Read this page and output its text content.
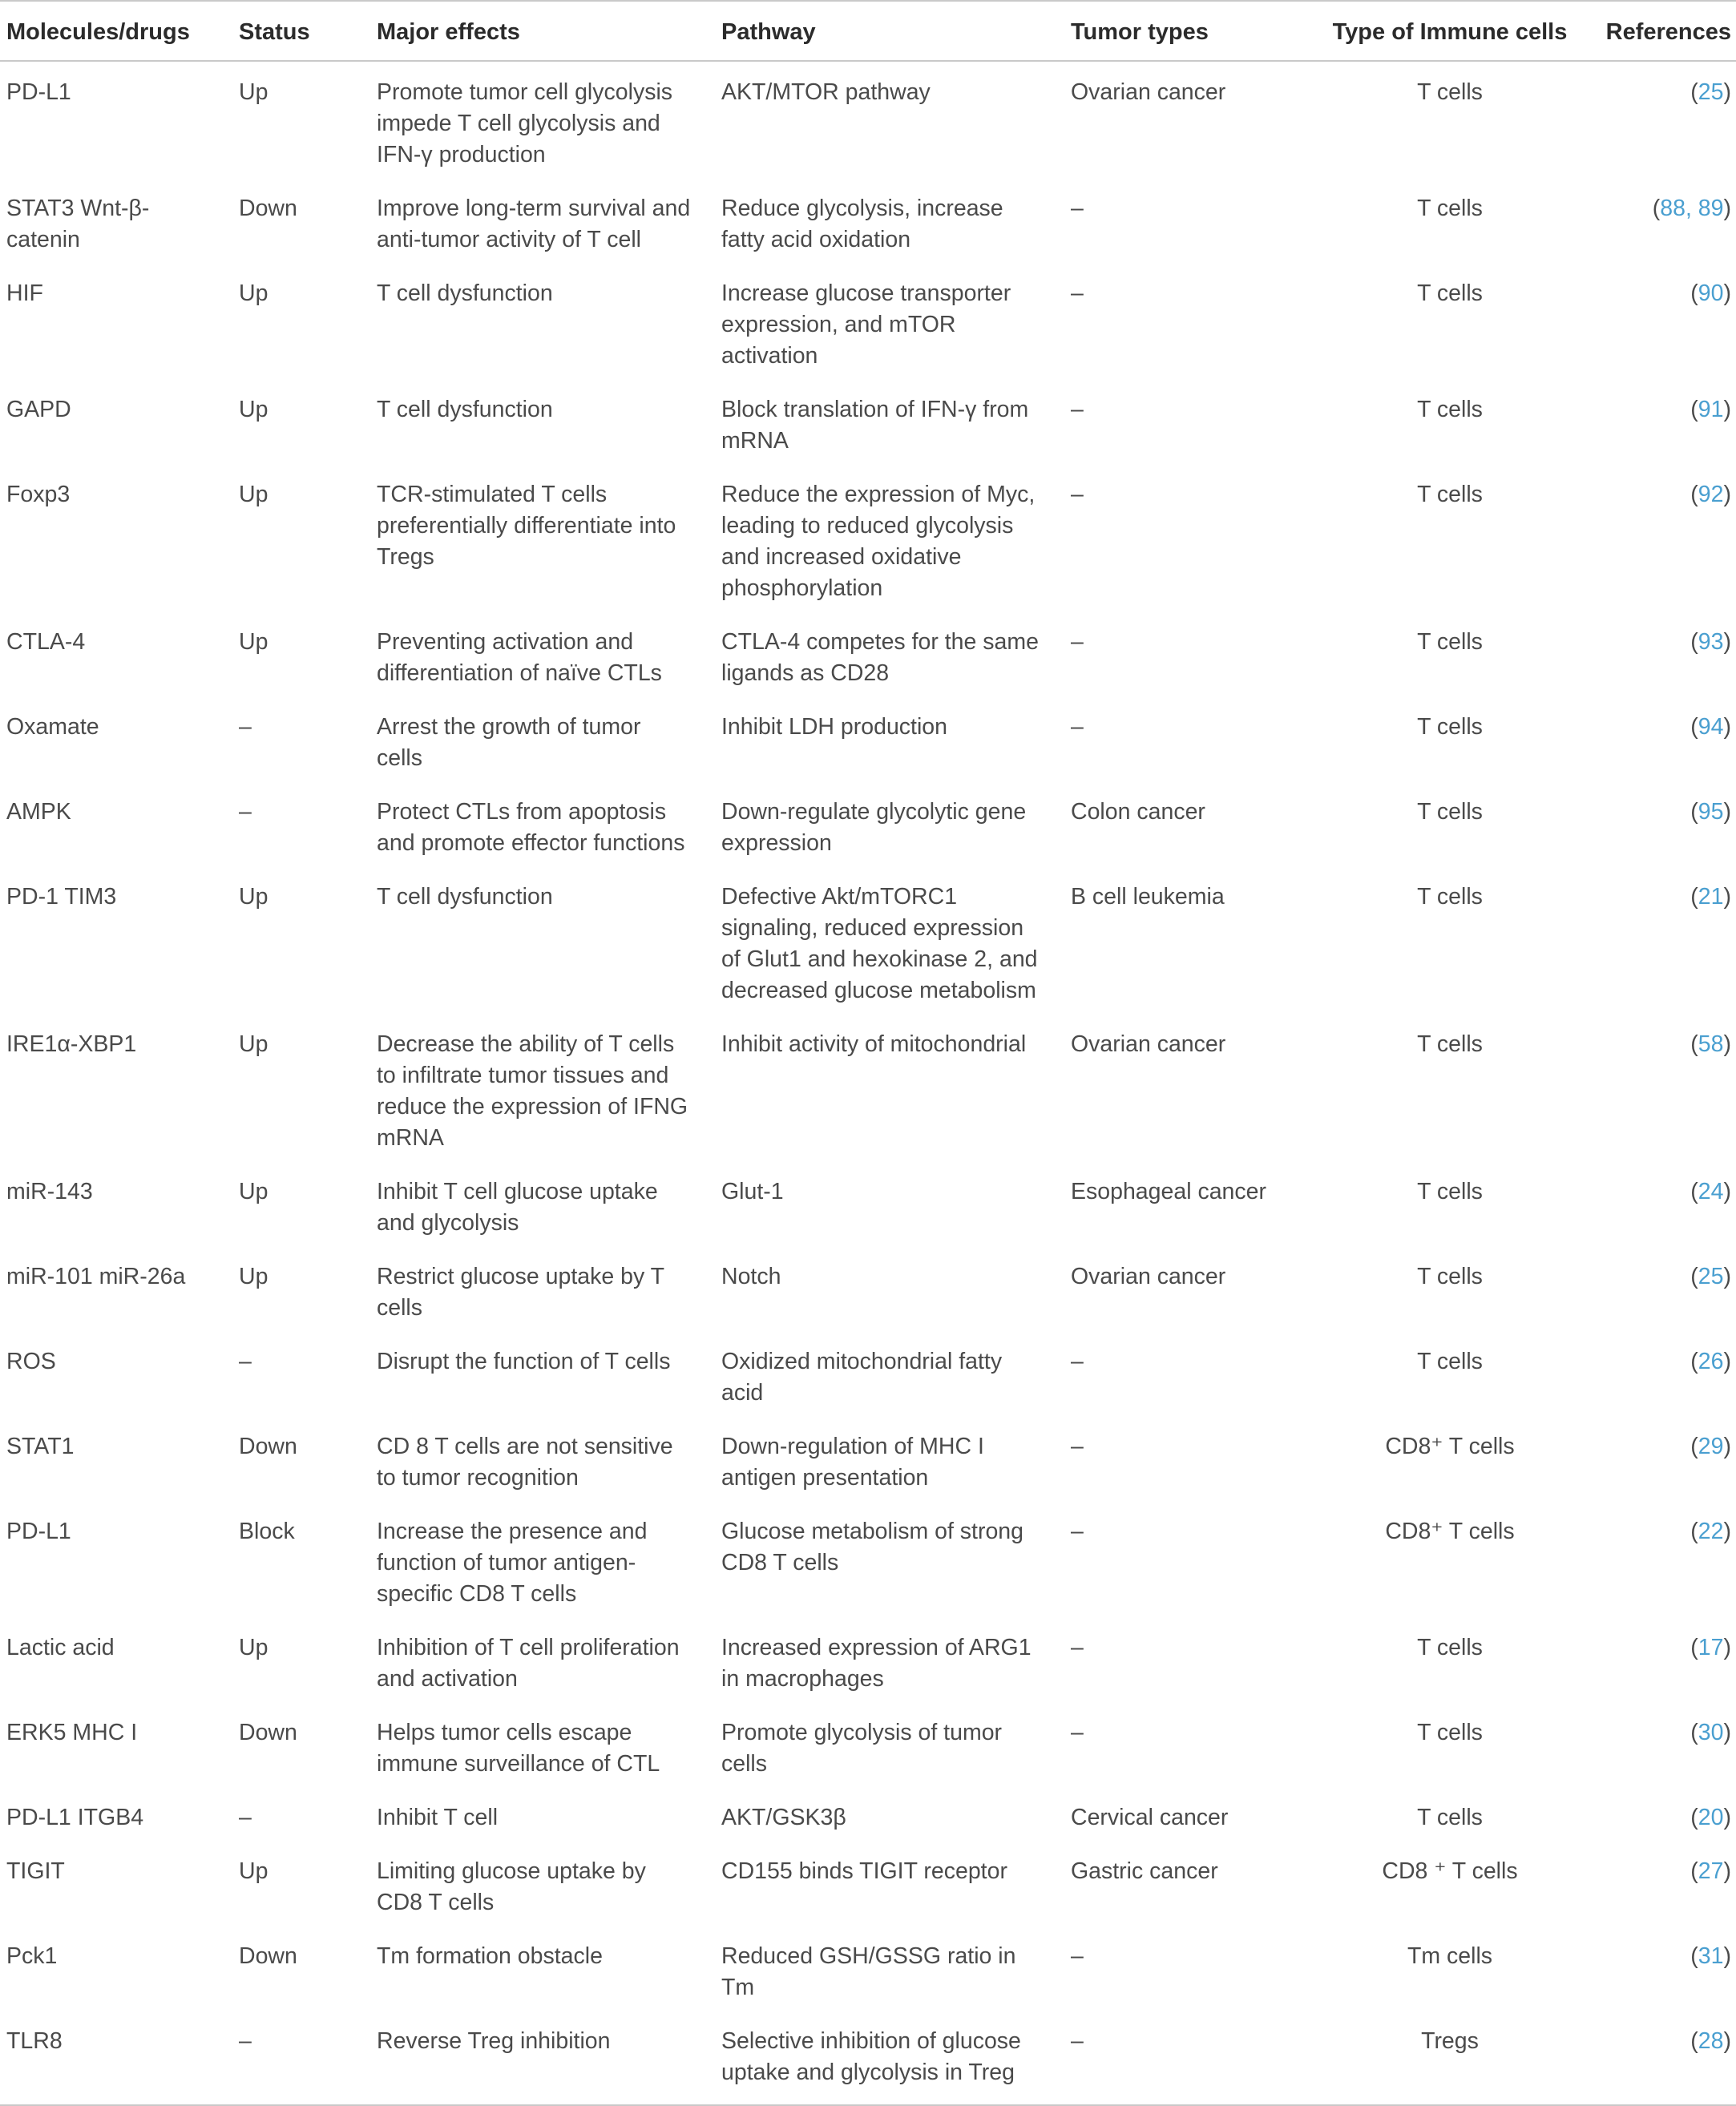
Molecules/drugs	Status	Major effects	Pathway	Tumor types	Type of Immune cells	References
PD-L1	Up	Promote tumor cell glycolysis impede T cell glycolysis and IFN-γ production	AKT/MTOR pathway	Ovarian cancer	T cells	(25)
STAT3 Wnt-β-catenin	Down	Improve long-term survival and anti-tumor activity of T cell	Reduce glycolysis, increase fatty acid oxidation	–	T cells	(88, 89)
HIF	Up	T cell dysfunction	Increase glucose transporter expression, and mTOR activation	–	T cells	(90)
GAPD	Up	T cell dysfunction	Block translation of IFN-γ from mRNA	–	T cells	(91)
Foxp3	Up	TCR-stimulated T cells preferentially differentiate into Tregs	Reduce the expression of Myc, leading to reduced glycolysis and increased oxidative phosphorylation	–	T cells	(92)
CTLA-4	Up	Preventing activation and differentiation of naïve CTLs	CTLA-4 competes for the same ligands as CD28	–	T cells	(93)
Oxamate	–	Arrest the growth of tumor cells	Inhibit LDH production	–	T cells	(94)
AMPK	–	Protect CTLs from apoptosis and promote effector functions	Down-regulate glycolytic gene expression	Colon cancer	T cells	(95)
PD-1 TIM3	Up	T cell dysfunction	Defective Akt/mTORC1 signaling, reduced expression of Glut1 and hexokinase 2, and decreased glucose metabolism	B cell leukemia	T cells	(21)
IRE1α-XBP1	Up	Decrease the ability of T cells to infiltrate tumor tissues and reduce the expression of IFNG mRNA	Inhibit activity of mitochondrial	Ovarian cancer	T cells	(58)
miR-143	Up	Inhibit T cell glucose uptake and glycolysis	Glut-1	Esophageal cancer	T cells	(24)
miR-101 miR-26a	Up	Restrict glucose uptake by T cells	Notch	Ovarian cancer	T cells	(25)
ROS	–	Disrupt the function of T cells	Oxidized mitochondrial fatty acid	–	T cells	(26)
STAT1	Down	CD 8 T cells are not sensitive to tumor recognition	Down-regulation of MHC I antigen presentation	–	CD8⁺ T cells	(29)
PD-L1	Block	Increase the presence and function of tumor antigen-specific CD8 T cells	Glucose metabolism of strong CD8 T cells	–	CD8⁺ T cells	(22)
Lactic acid	Up	Inhibition of T cell proliferation and activation	Increased expression of ARG1 in macrophages	–	T cells	(17)
ERK5 MHC I	Down	Helps tumor cells escape immune surveillance of CTL	Promote glycolysis of tumor cells	–	T cells	(30)
PD-L1 ITGB4	–	Inhibit T cell	AKT/GSK3β	Cervical cancer	T cells	(20)
TIGIT	Up	Limiting glucose uptake by CD8 T cells	CD155 binds TIGIT receptor	Gastric cancer	CD8 ⁺ T cells	(27)
Pck1	Down	Tm formation obstacle	Reduced GSH/GSSG ratio in Tm	–	Tm cells	(31)
TLR8	–	Reverse Treg inhibition	Selective inhibition of glucose uptake and glycolysis in Treg	–	Tregs	(28)
